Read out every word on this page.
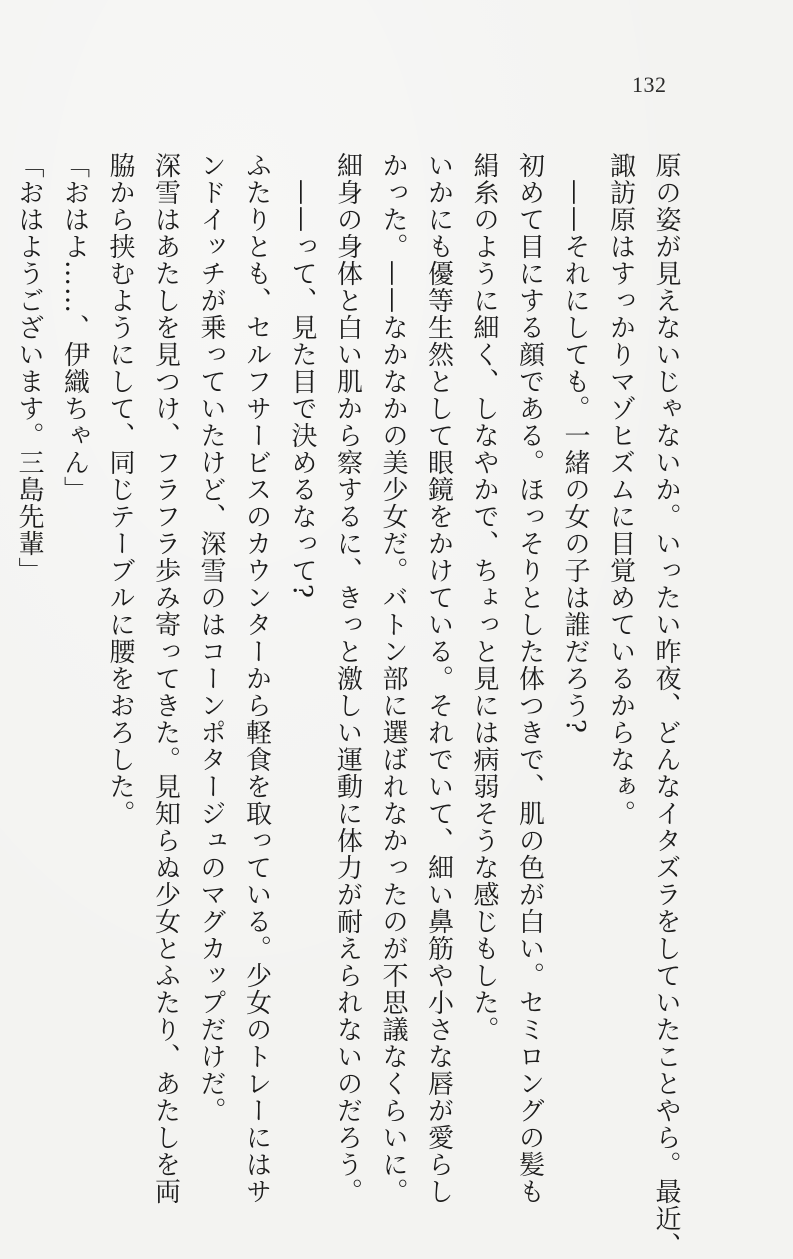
132
原の姿が見えないじゃないか。いったい昨夜、どんなイタズラをしていたことやら。最近、
諏訪原はすっかりマゾヒズムに目覚めているからなぁ。
　——それにしても。一緒の女の子は誰だろう?
初めて目にする顔である。ほっそりとした体つきで、肌の色が白い。セミロングの髪も
絹糸のように細く、しなやかで、ちょっと見には病弱そうな感じもした。
いかにも優等生然として眼鏡をかけている。それでいて、細い鼻筋や小さな唇が愛らし
かった。——なかなかの美少女だ。バトン部に選ばれなかったのが不思議なくらいに。
細身の身体と白い肌から察するに、きっと激しい運動に体力が耐えられないのだろう。
　——って、見た目で決めるなって?
ふたりとも、セルフサービスのカウンターから軽食を取っている。少女のトレーにはサ
ンドイッチが乗っていたけど、深雪のはコーンポタージュのマグカップだけだ。
深雪はあたしを見つけ、フラフラ歩み寄ってきた。見知らぬ少女とふたり、あたしを両
脇から挟むようにして、同じテーブルに腰をおろした。
「おはよ……、伊織ちゃん」
「おはようございます。三島先輩」
